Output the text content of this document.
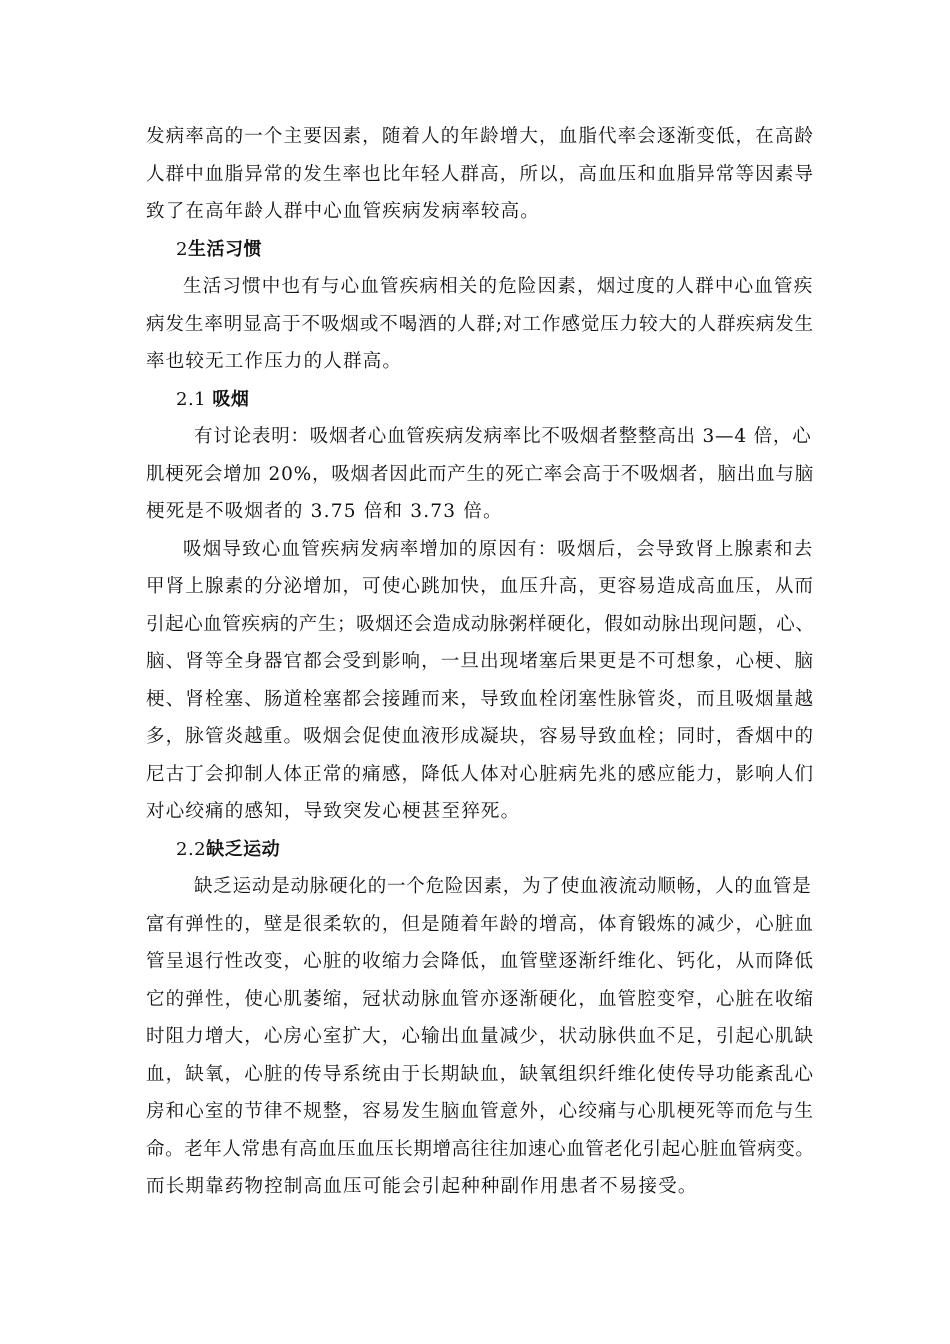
发病率高的一个主要因素，随着人的年龄增大，血脂代率会逐渐变低，在高龄
人群中血脂异常的发生率也比年轻人群高，所以，高血压和血脂异常等因素导
致了在高年龄人群中心血管疾病发病率较高。
2生活习惯
生活习惯中也有与心血管疾病相关的危险因素，烟过度的人群中心血管疾
病发生率明显高于不吸烟或不喝酒的人群;对工作感觉压力较大的人群疾病发生
率也较无工作压力的人群高。
2.1 吸烟
有讨论表明：吸烟者心血管疾病发病率比不吸烟者整整高出 3—4 倍，心
肌梗死会增加 20%，吸烟者因此而产生的死亡率会高于不吸烟者，脑出血与脑
梗死是不吸烟者的 3.75 倍和 3.73 倍。
吸烟导致心血管疾病发病率增加的原因有：吸烟后，会导致肾上腺素和去
甲肾上腺素的分泌增加，可使心跳加快，血压升高，更容易造成高血压，从而
引起心血管疾病的产生；吸烟还会造成动脉粥样硬化，假如动脉出现问题，心、
脑、肾等全身器官都会受到影响，一旦出现堵塞后果更是不可想象，心梗、脑
梗、肾栓塞、肠道栓塞都会接踵而来，导致血栓闭塞性脉管炎，而且吸烟量越
多，脉管炎越重。吸烟会促使血液形成凝块，容易导致血栓；同时，香烟中的
尼古丁会抑制人体正常的痛感，降低人体对心脏病先兆的感应能力，影响人们
对心绞痛的感知，导致突发心梗甚至猝死。
2.2缺乏运动
缺乏运动是动脉硬化的一个危险因素，为了使血液流动顺畅，人的血管是
富有弹性的，壁是很柔软的，但是随着年龄的增高，体育锻炼的减少，心脏血
管呈退行性改变，心脏的收缩力会降低，血管壁逐渐纤维化、钙化，从而降低
它的弹性，使心肌萎缩，冠状动脉血管亦逐渐硬化，血管腔变窄，心脏在收缩
时阻力增大，心房心室扩大，心输出血量减少，状动脉供血不足，引起心肌缺
血，缺氧，心脏的传导系统由于长期缺血，缺氧组织纤维化使传导功能紊乱心
房和心室的节律不规整，容易发生脑血管意外，心绞痛与心肌梗死等而危与生
命。老年人常患有高血压血压长期增高往往加速心血管老化引起心脏血管病变。
而长期靠药物控制高血压可能会引起种种副作用患者不易接受。
